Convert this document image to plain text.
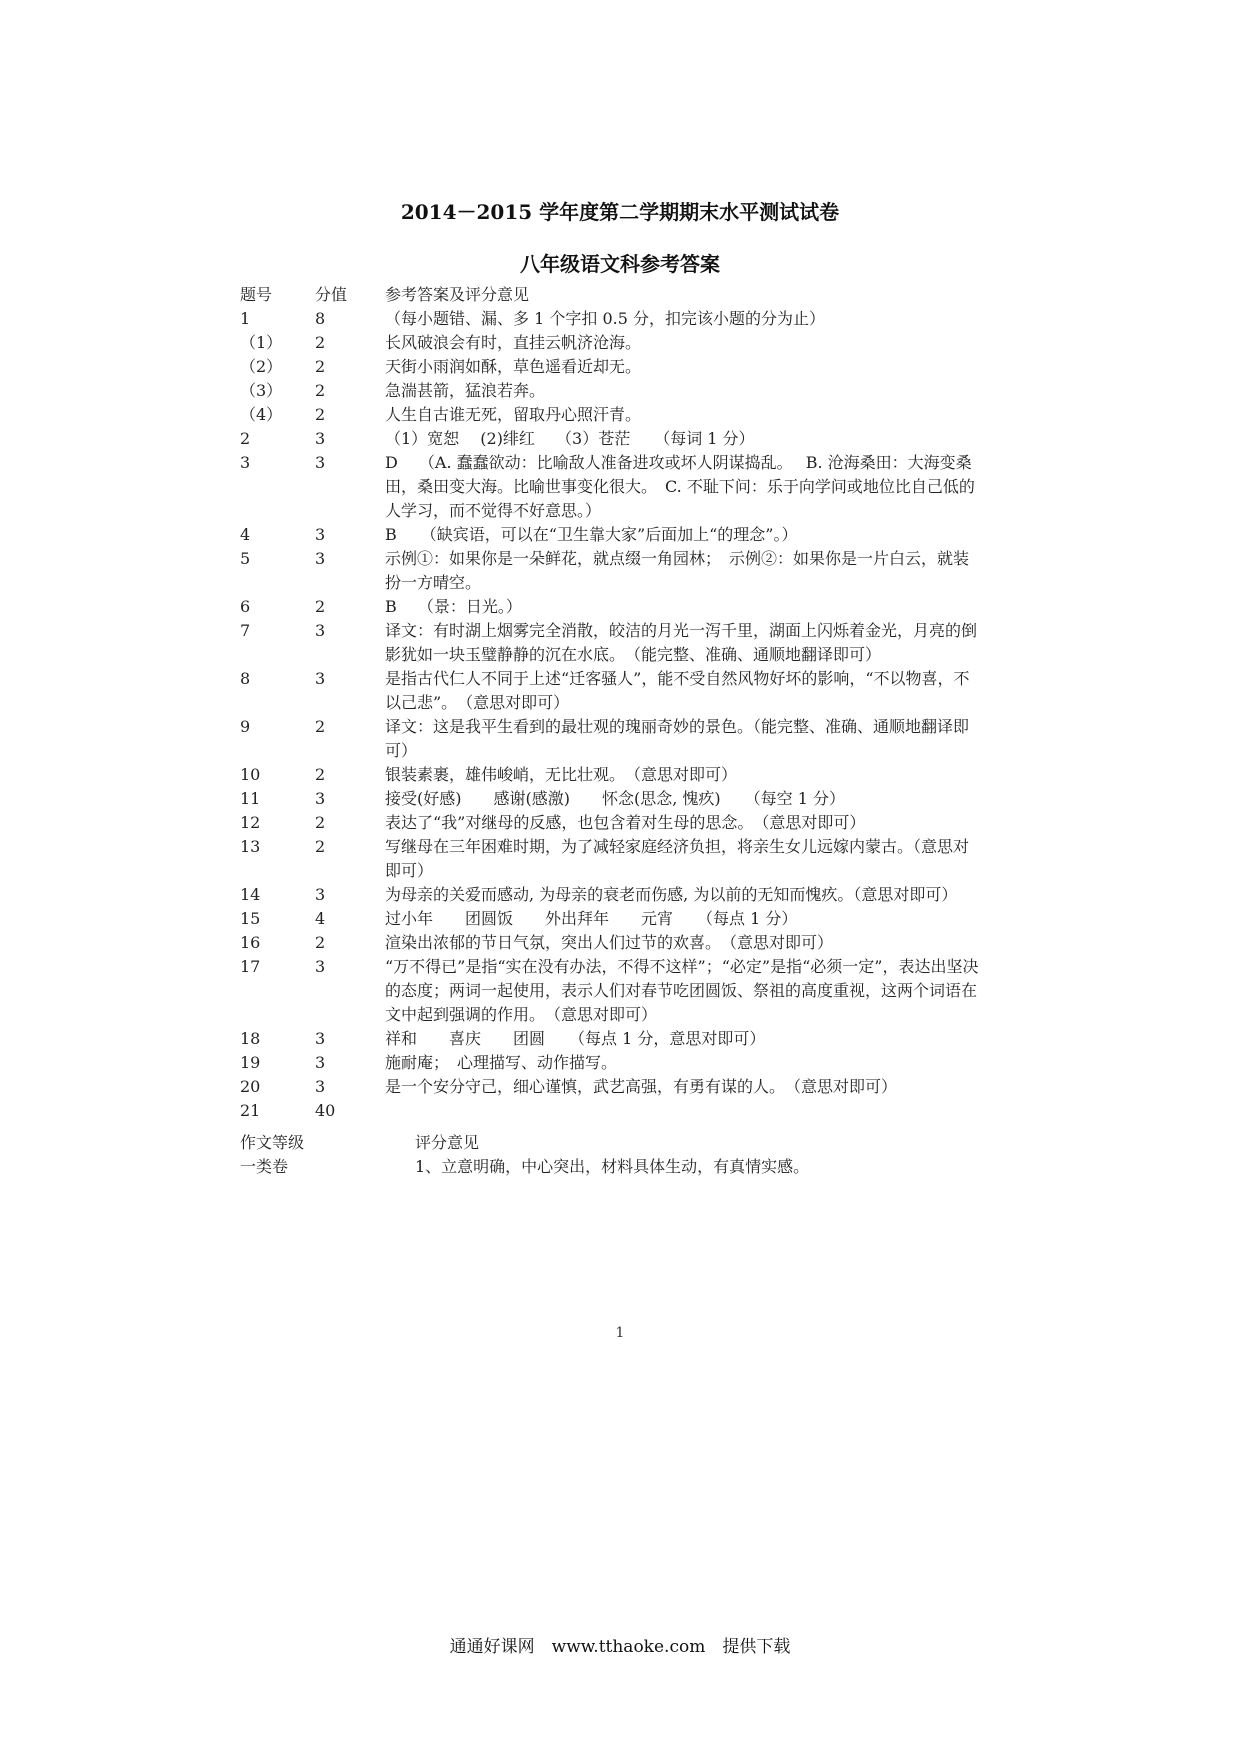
2014－2015 学年度第二学期期末水平测试试卷
八年级语文科参考答案
题号	分值	参考答案及评分意见
1	8	（每小题错、漏、多 1 个字扣 0.5 分，扣完该小题的分为止）
（1）	2	长风破浪会有时，直挂云帆济沧海。
（2）	2	天街小雨润如酥，草色遥看近却无。
（3）	2	急湍甚箭，猛浪若奔。
（4）	2	人生自古谁无死，留取丹心照汗青。
2	3	（1）宽恕　 (2)绯红　 （3）苍茫　　（每词 1 分）
3	3	D　 （A. 蠢蠢欲动：比喻敌人准备进攻或坏人阴谋捣乱。　 B. 沧海桑田：大海变桑田，桑田变大海。比喻世事变化很大。　C. 不耻下问：乐于向学问或地位比自己低的人学习，而不觉得不好意思。）
4	3	B　　（缺宾语，可以在“卫生靠大家”后面加上“的理念”。）
5	3	示例①：如果你是一朵鲜花，就点缀一角园林；　示例②：如果你是一片白云，就装扮一方晴空。
6	2	B　 （景：日光。）
7	3	译文：有时湖上烟雾完全消散，皎洁的月光一泻千里，湖面上闪烁着金光，月亮的倒影犹如一块玉璧静静的沉在水底。　（能完整、准确、通顺地翻译即可）
8	3	是指古代仁人不同于上述“迁客骚人”，能不受自然风物好坏的影响，“不以物喜，不以己悲”。　（意思对即可）
9	2	译文：这是我平生看到的最壮观的瑰丽奇妙的景色。（能完整、准确、通顺地翻译即可）
10	2	银装素裹，雄伟峻峭，无比壮观。　（意思对即可）
11	3	接受(好感)　　感谢(感激)　　怀念(思念, 愧疚)　　（每空 1 分）
12	2	表达了“我”对继母的反感，也包含着对生母的思念。　（意思对即可）
13	2	写继母在三年困难时期，为了减轻家庭经济负担，将亲生女儿远嫁内蒙古。（意思对即可）
14	3	为母亲的关爱而感动, 为母亲的衰老而伤感, 为以前的无知而愧疚。（意思对即可）
15	4	过小年　　团圆饭　　外出拜年　　元宵　　（每点 1 分）
16	2	渲染出浓郁的节日气氛，突出人们过节的欢喜。　（意思对即可）
17	3	“万不得已”是指“实在没有办法，不得不这样”；“必定”是指“必须一定”，表达出坚决的态度；两词一起使用，表示人们对春节吃团圆饭、祭祖的高度重视，这两个词语在文中起到强调的作用。　（意思对即可）
18	3	祥和　　喜庆　　团圆　　（每点 1 分，意思对即可）
19	3	施耐庵；　心理描写、动作描写。
20	3	是一个安分守己，细心谨慎，武艺高强，有勇有谋的人。　（意思对即可）
21	40
作文等级	评分意见
一类卷	1、立意明确，中心突出，材料具体生动，有真情实感。
1
通通好课网　www.tthaoke.com　提供下载
